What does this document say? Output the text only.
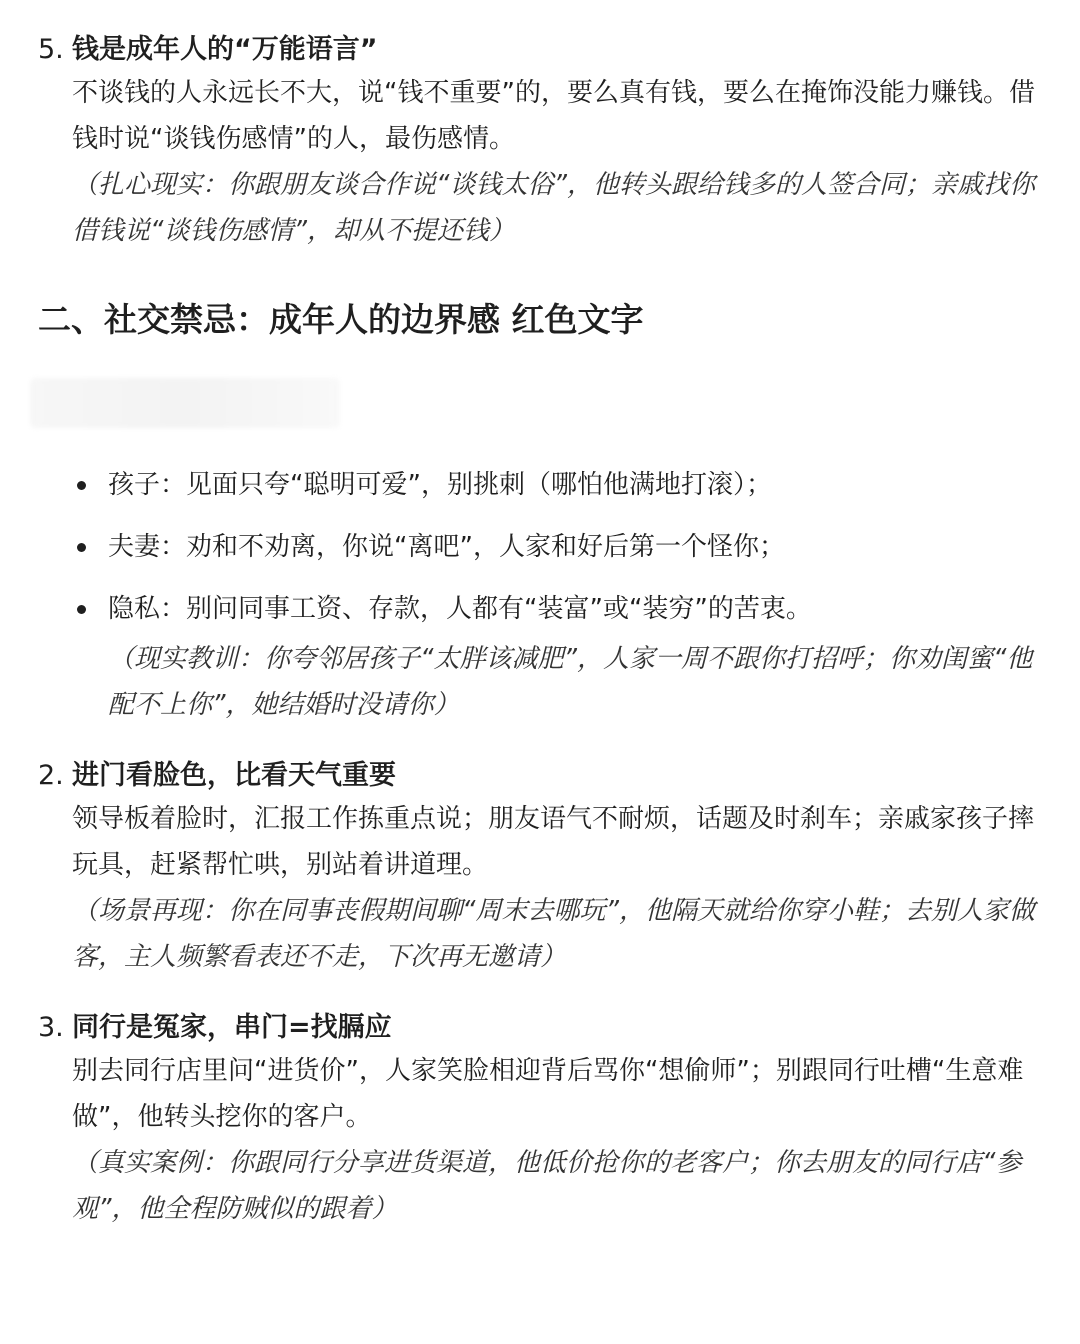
5. 钱是成年人的“万能语言”
不谈钱的人永远长不大，说“钱不重要”的，要么真有钱，要么在掩饰没能力赚钱。借钱时说“谈钱伤感情”的人，最伤感情。
（扎心现实：你跟朋友谈合作说“谈钱太俗”，他转头跟给钱多的人签合同；亲戚找你借钱说“谈钱伤感情”，却从不提还钱）
二、社交禁忌：成年人的边界感 红色文字
孩子：见面只夸“聪明可爱”，别挑刺（哪怕他满地打滚）；
夫妻：劝和不劝离，你说“离吧”，人家和好后第一个怪你；
隐私：别问同事工资、存款，人都有“装富”或“装穷”的苦衷。
（现实教训：你夸邻居孩子“太胖该减肥”，人家一周不跟你打招呼；你劝闺蜜“他配不上你”，她结婚时没请你）
2. 进门看脸色，比看天气重要
领导板着脸时，汇报工作拣重点说；朋友语气不耐烦，话题及时刹车；亲戚家孩子摔玩具，赶紧帮忙哄，别站着讲道理。
（场景再现：你在同事丧假期间聊“周末去哪玩”，他隔天就给你穿小鞋；去别人家做客，主人频繁看表还不走，下次再无邀请）
3. 同行是冤家，串门=找膈应
别去同行店里问“进货价”，人家笑脸相迎背后骂你“想偷师”；别跟同行吐槽“生意难做”，他转头挖你的客户。
（真实案例：你跟同行分享进货渠道，他低价抢你的老客户；你去朋友的同行店“参观”，他全程防贼似的跟着）
